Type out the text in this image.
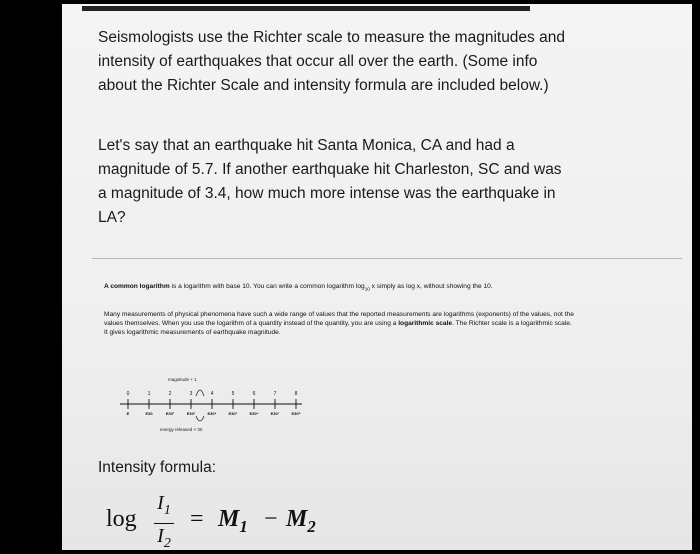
Seismologists use the Richter scale to measure the magnitudes and intensity of earthquakes that occur all over the earth. (Some info about the Richter Scale and intensity formula are included below.)
Let's say that an earthquake hit Santa Monica, CA and had a magnitude of 5.7. If another earthquake hit Charleston, SC and was a magnitude of 3.4, how much more intense was the earthquake in LA?
A common logarithm is a logarithm with base 10. You can write a common logarithm $\log_{10} x$ simply as log x, without showing the 10.
Many measurements of physical phenomena have such a wide range of values that the reported measurements are logarithms (exponents) of the values, not the values themselves. When you use the logarithm of a quantity instead of the quantity, you are using a logarithmic scale. The Richter scale is a logarithmic scale. It gives logarithmic measurements of earthquake magnitude.
magnitude + 1
0	1	2	3	4	5	6	7	8
E	E30	E30²	E30³	E30⁴	E30⁵	E30⁶	E30⁷	E30⁸
energy released × 30
Intensity formula:
log
$I_1$
$I_2$
= $M_1 - M_2$
